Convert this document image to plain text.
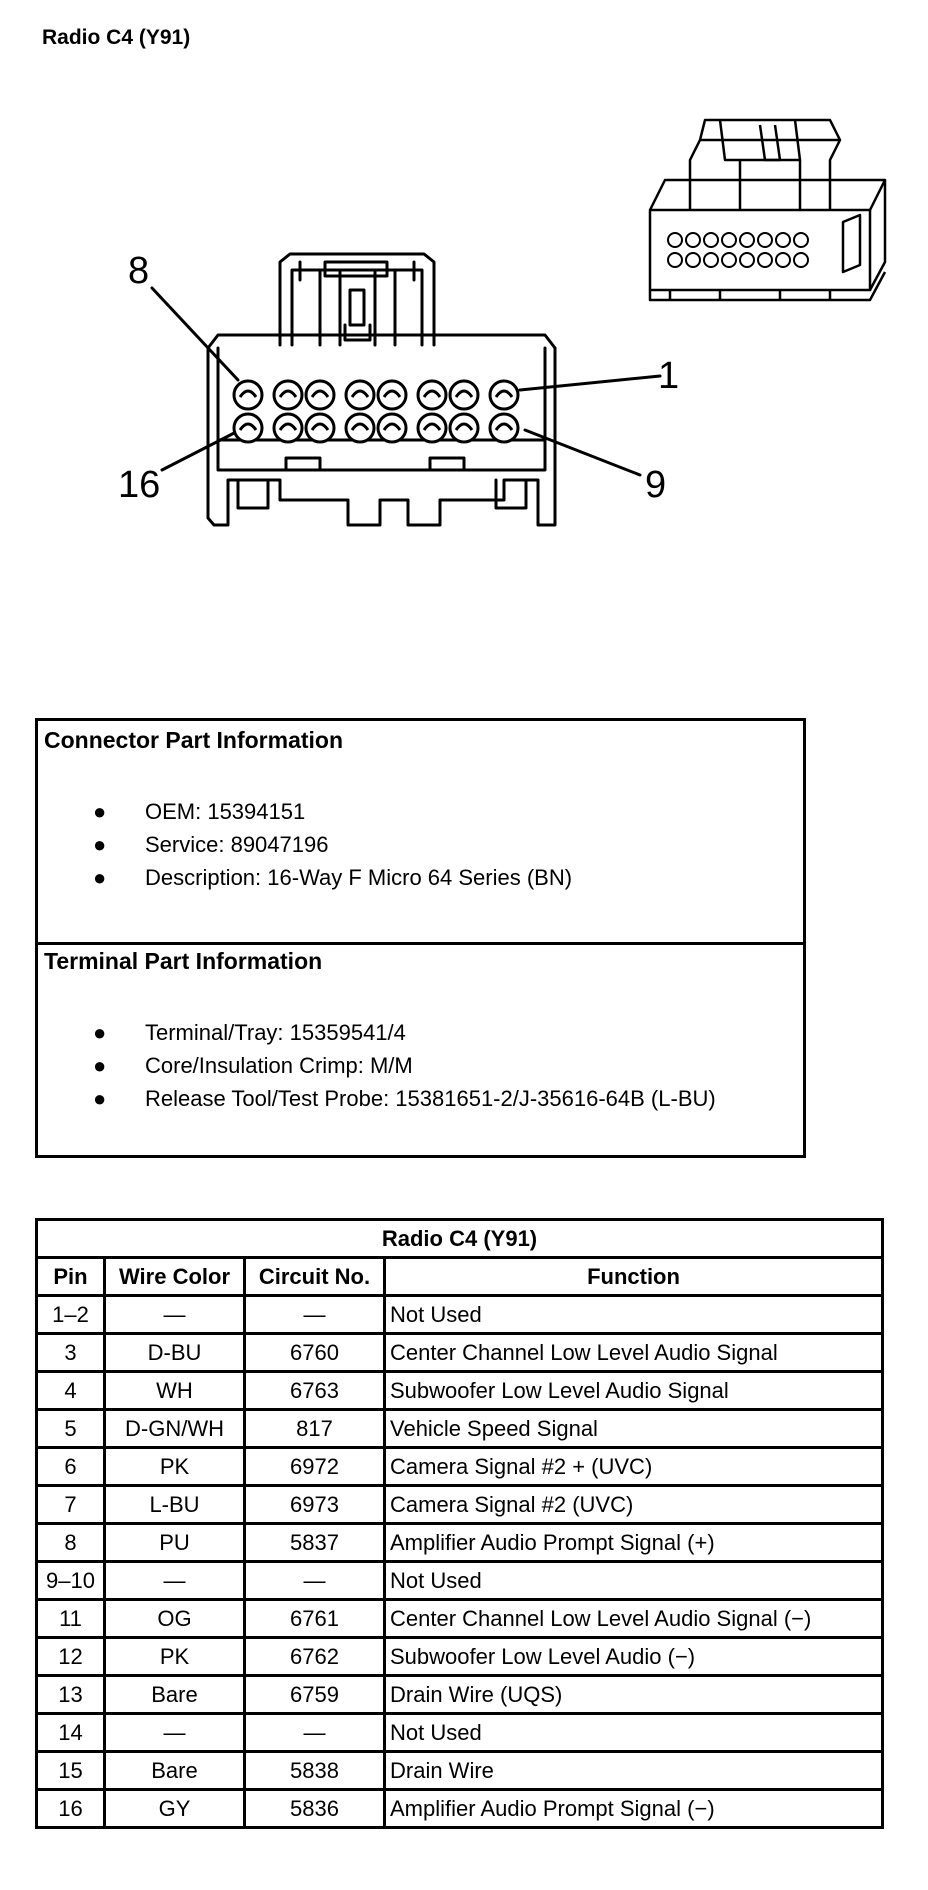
Radio C4 (Y91)
8
1
16	9
Connector Part Information
● OEM: 15394151
● Service: 89047196
● Description: 16-Way F Micro 64 Series (BN)
Terminal Part Information
● Terminal/Tray: 15359541/4
● Core/Insulation Crimp: M/M
● Release Tool/Test Probe: 15381651-2/J-35616-64B (L-BU)
Radio C4 (Y91)			
Pin	Wire Color	Circuit No.	Function
1–2	—	—	Not Used
3	D-BU	6760	Center Channel Low Level Audio Signal
4	WH	6763	Subwoofer Low Level Audio Signal
5	D-GN/WH	817	Vehicle Speed Signal
6	PK	6972	Camera Signal #2 + (UVC)
7	L-BU	6973	Camera Signal #2 (UVC)
8	PU	5837	Amplifier Audio Prompt Signal (+)
9–10	—	—	Not Used
11	OG	6761	Center Channel Low Level Audio Signal (−)
12	PK	6762	Subwoofer Low Level Audio (−)
13	Bare	6759	Drain Wire (UQS)
14	—	—	Not Used
15	Bare	5838	Drain Wire
16	GY	5836	Amplifier Audio Prompt Signal (−)
